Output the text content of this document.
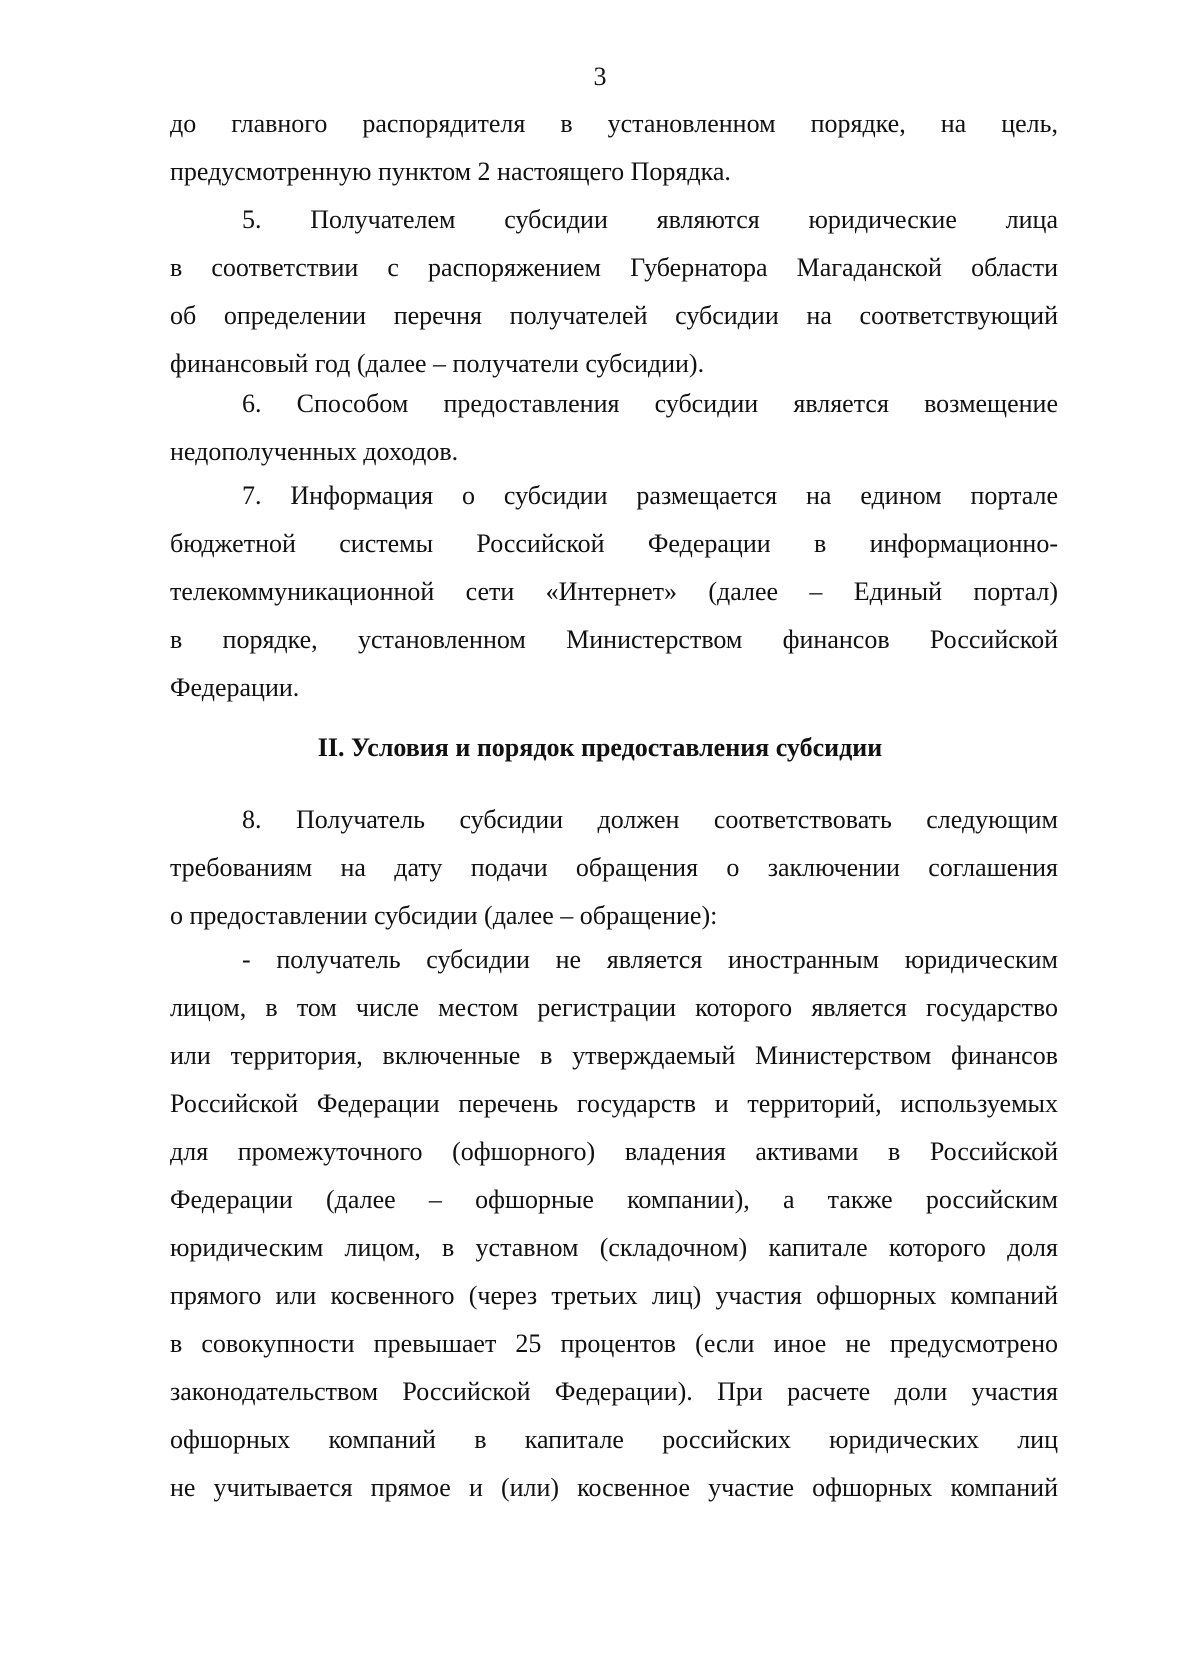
3
до главного распорядителя в установленном порядке, на цель,
предусмотренную пунктом 2 настоящего Порядка.
5. Получателем субсидии являются юридические лица
в соответствии с распоряжением Губернатора Магаданской области
об определении перечня получателей субсидии на соответствующий
финансовый год (далее – получатели субсидии).
6. Способом предоставления субсидии является возмещение
недополученных доходов.
7. Информация о субсидии размещается на едином портале
бюджетной системы Российской Федерации в информационно-
телекоммуникационной сети «Интернет» (далее – Единый портал)
в порядке, установленном Министерством финансов Российской
Федерации.
II. Условия и порядок предоставления субсидии
8. Получатель субсидии должен соответствовать следующим
требованиям на дату подачи обращения о заключении соглашения
о предоставлении субсидии (далее – обращение):
- получатель субсидии не является иностранным юридическим
лицом, в том числе местом регистрации которого является государство
или территория, включенные в утверждаемый Министерством финансов
Российской Федерации перечень государств и территорий, используемых
для промежуточного (офшорного) владения активами в Российской
Федерации (далее – офшорные компании), а также российским
юридическим лицом, в уставном (складочном) капитале которого доля
прямого или косвенного (через третьих лиц) участия офшорных компаний
в совокупности превышает 25 процентов (если иное не предусмотрено
законодательством Российской Федерации). При расчете доли участия
офшорных компаний в капитале российских юридических лиц
не учитывается прямое и (или) косвенное участие офшорных компаний
